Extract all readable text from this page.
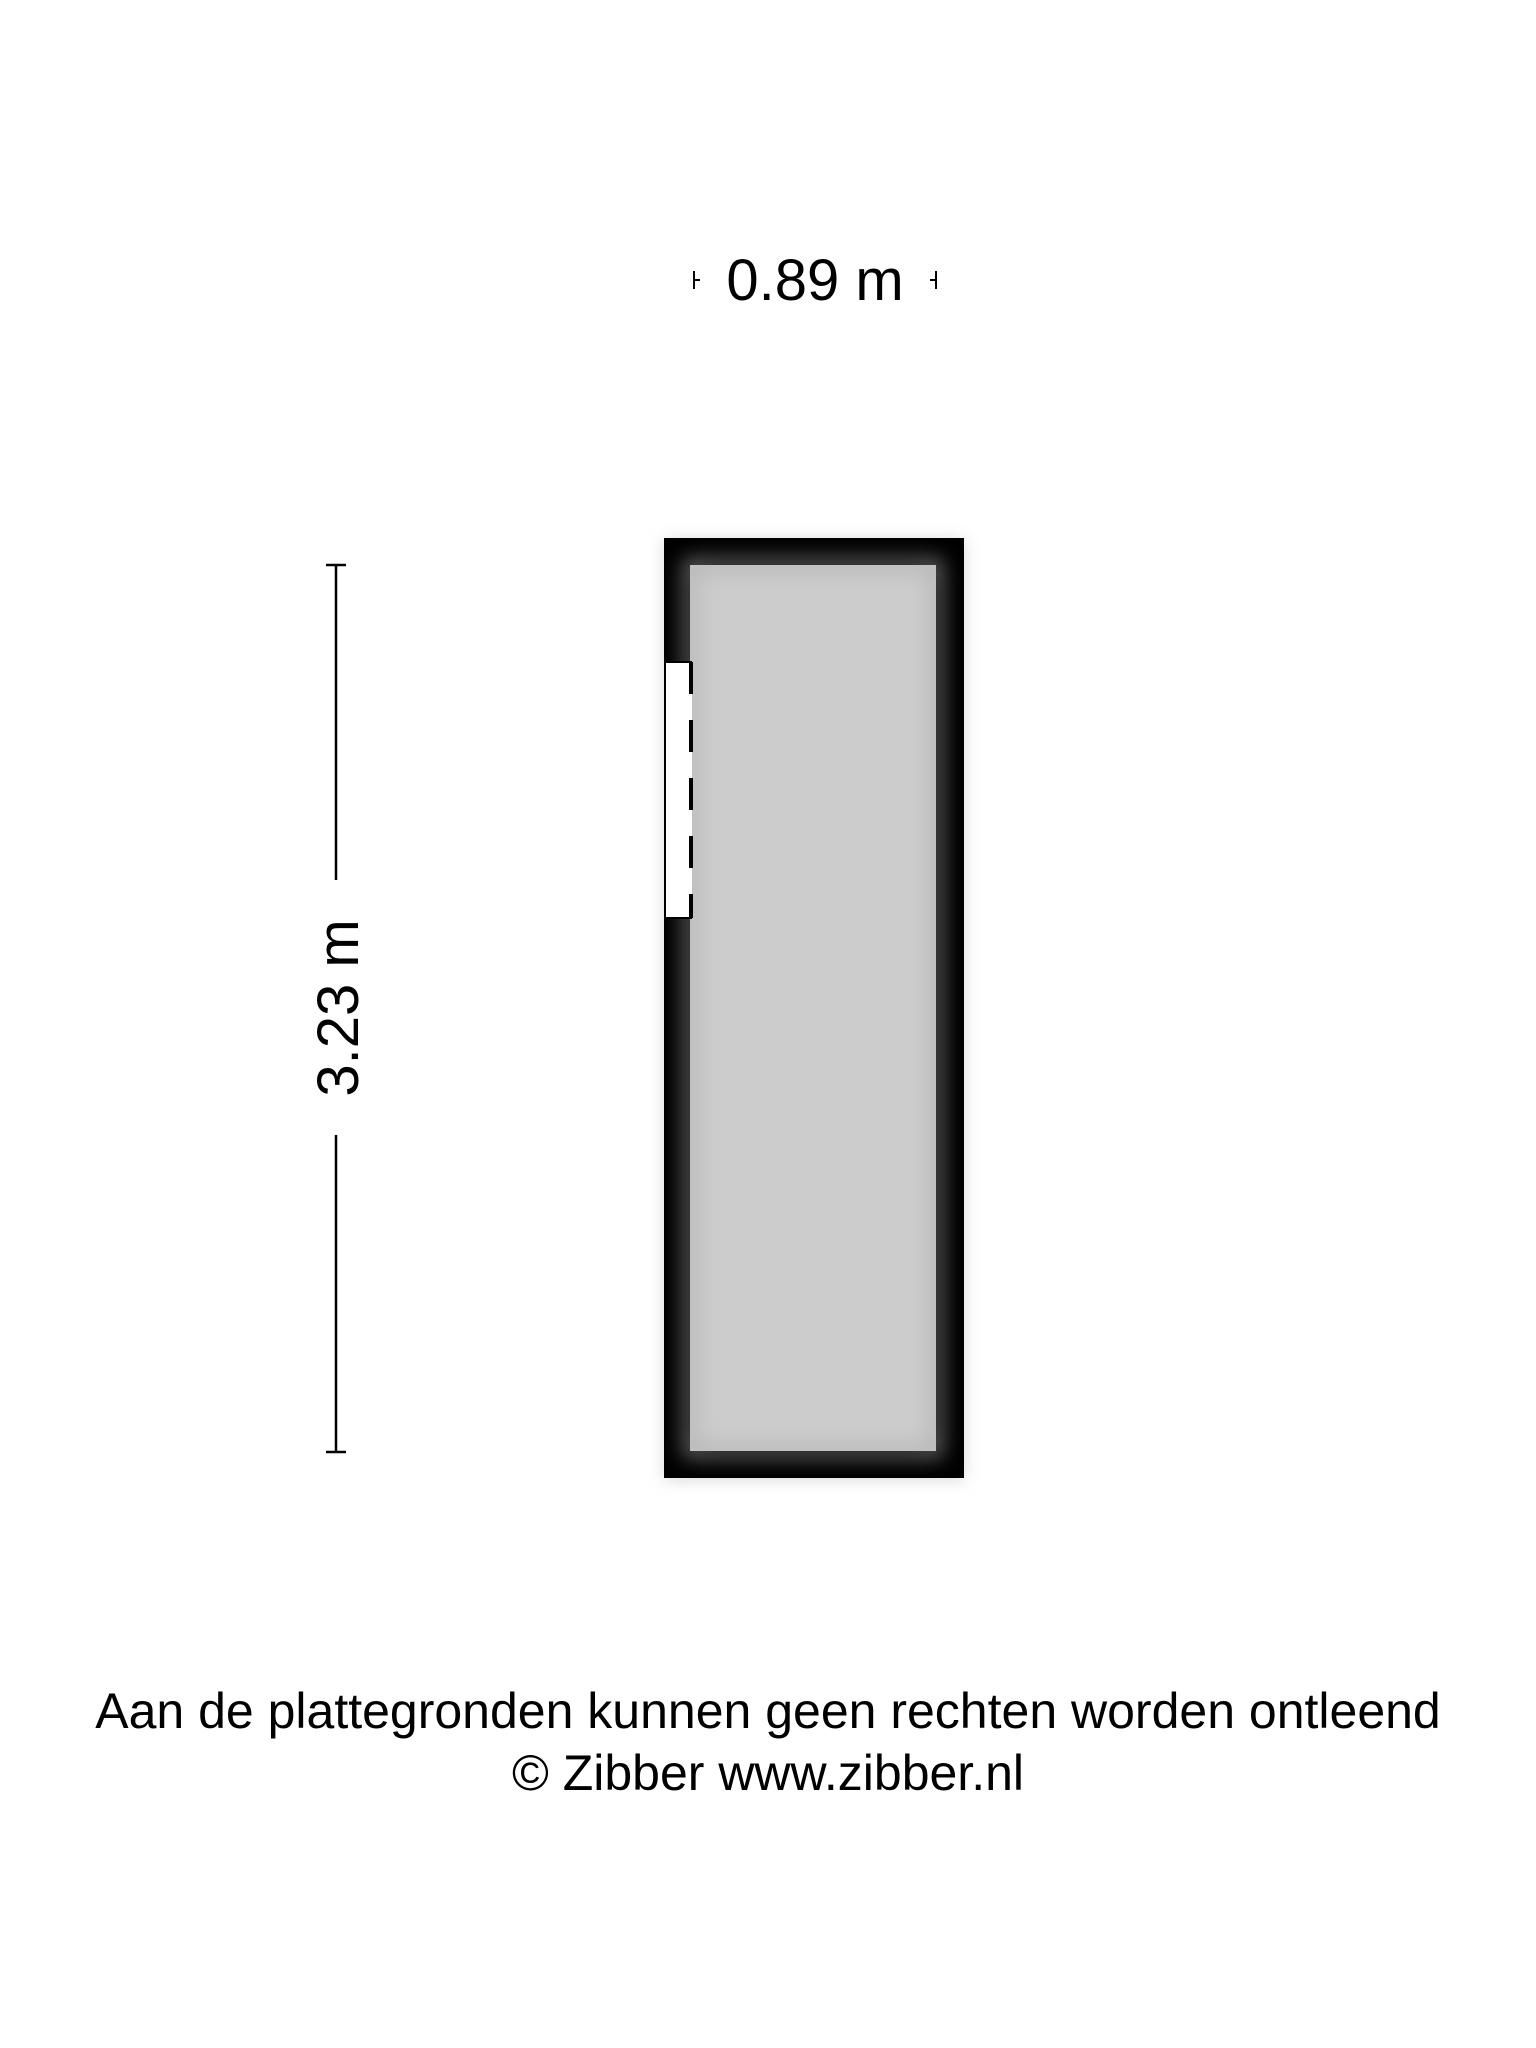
0.89 m
3.23 m
Aan de plattegronden kunnen geen rechten worden ontleend
© Zibber www.zibber.nl
